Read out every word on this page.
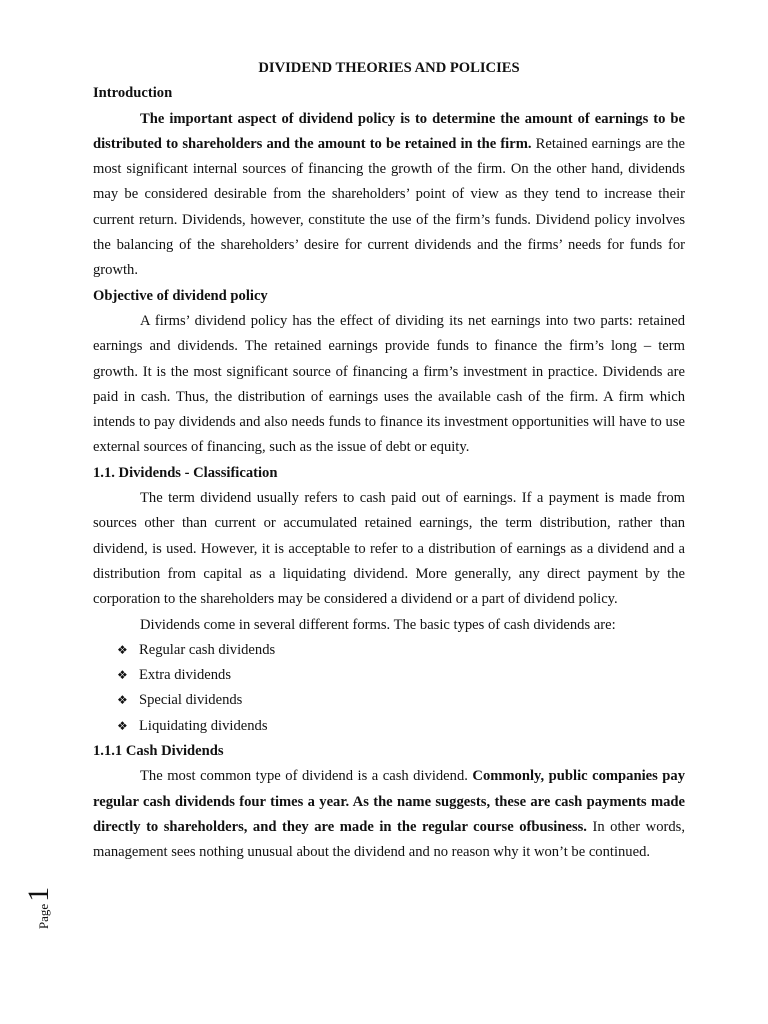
DIVIDEND THEORIES AND POLICIES
Introduction

The important aspect of dividend policy is to determine the amount of earnings to be distributed to shareholders and the amount to be retained in the firm. Retained earnings are the most significant internal sources of financing the growth of the firm. On the other hand, dividends may be considered desirable from the shareholders’ point of view as they tend to increase their current return. Dividends, however, constitute the use of the firm’s funds. Dividend policy involves the balancing of the shareholders’ desire for current dividends and the firms’ needs for funds for growth.

Objective of dividend policy

A firms’ dividend policy has the effect of dividing its net earnings into two parts: retained earnings and dividends. The retained earnings provide funds to finance the firm’s long – term growth. It is the most significant source of financing a firm’s investment in practice. Dividends are paid in cash. Thus, the distribution of earnings uses the available cash of the firm. A firm which intends to pay dividends and also needs funds to finance its investment opportunities will have to use external sources of financing, such as the issue of debt or equity.

1.1. Dividends - Classification

The term dividend usually refers to cash paid out of earnings. If a payment is made from sources other than current or accumulated retained earnings, the term distribution, rather than dividend, is used. However, it is acceptable to refer to a distribution of earnings as a dividend and a distribution from capital as a liquidating dividend. More generally, any direct payment by the corporation to the shareholders may be considered a dividend or a part of dividend policy.

Dividends come in several different forms. The basic types of cash dividends are:

❖ Regular cash dividends
❖ Extra dividends
❖ Special dividends
❖ Liquidating dividends
1.1.1 Cash Dividends

The most common type of dividend is a cash dividend. Commonly, public companies pay regular cash dividends four times a year. As the name suggests, these are cash payments made directly to shareholders, and they are made in the regular course ofbusiness. In other words, management sees nothing unusual about the dividend and no reason why it won’t be continued.

Page
1
